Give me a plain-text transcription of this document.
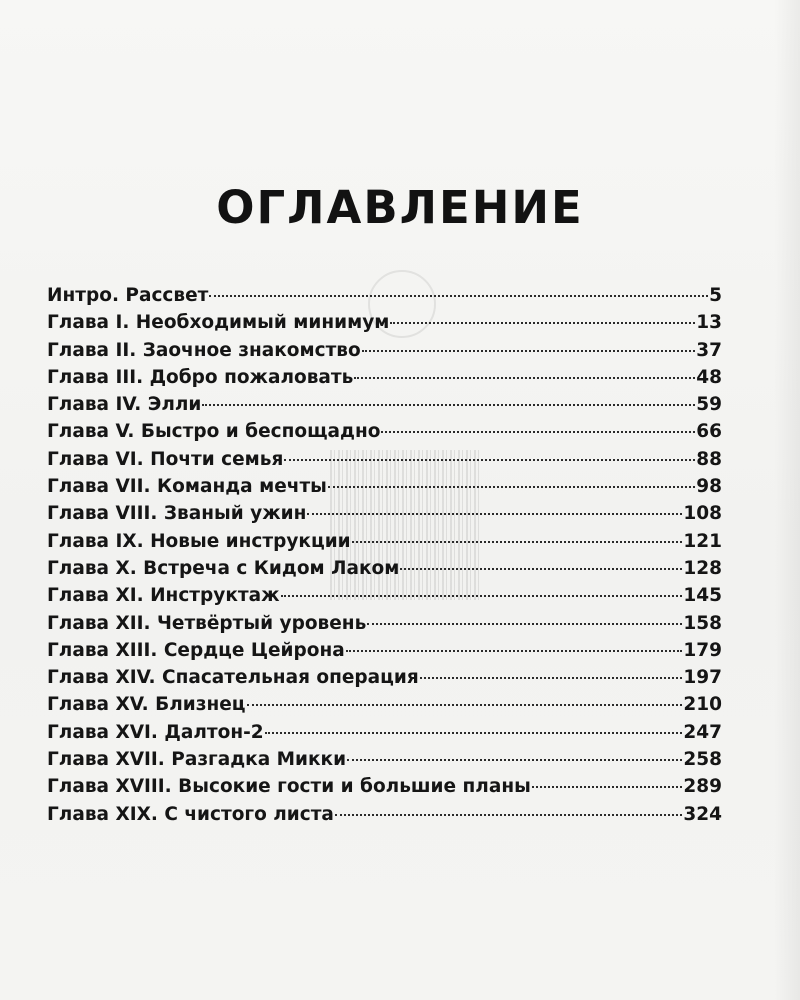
ОГЛАВЛЕНИЕ
Интро. Рассвет	5
Глава I. Необходимый минимум	13
Глава II. Заочное знакомство	37
Глава III. Добро пожаловать	48
Глава IV. Элли	59
Глава V. Быстро и беспощадно	66
Глава VI. Почти семья	88
Глава VII. Команда мечты	98
Глава VIII. Званый ужин	108
Глава IX. Новые инструкции	121
Глава X. Встреча с Кидом Лаком	128
Глава XI. Инструктаж	145
Глава XII. Четвёртый уровень	158
Глава XIII. Сердце Цейрона	179
Глава XIV. Спасательная операция	197
Глава XV. Близнец	210
Глава XVI. Далтон-2	247
Глава XVII. Разгадка Микки	258
Глава XVIII. Высокие гости и большие планы	289
Глава XIX. С чистого листа	324
